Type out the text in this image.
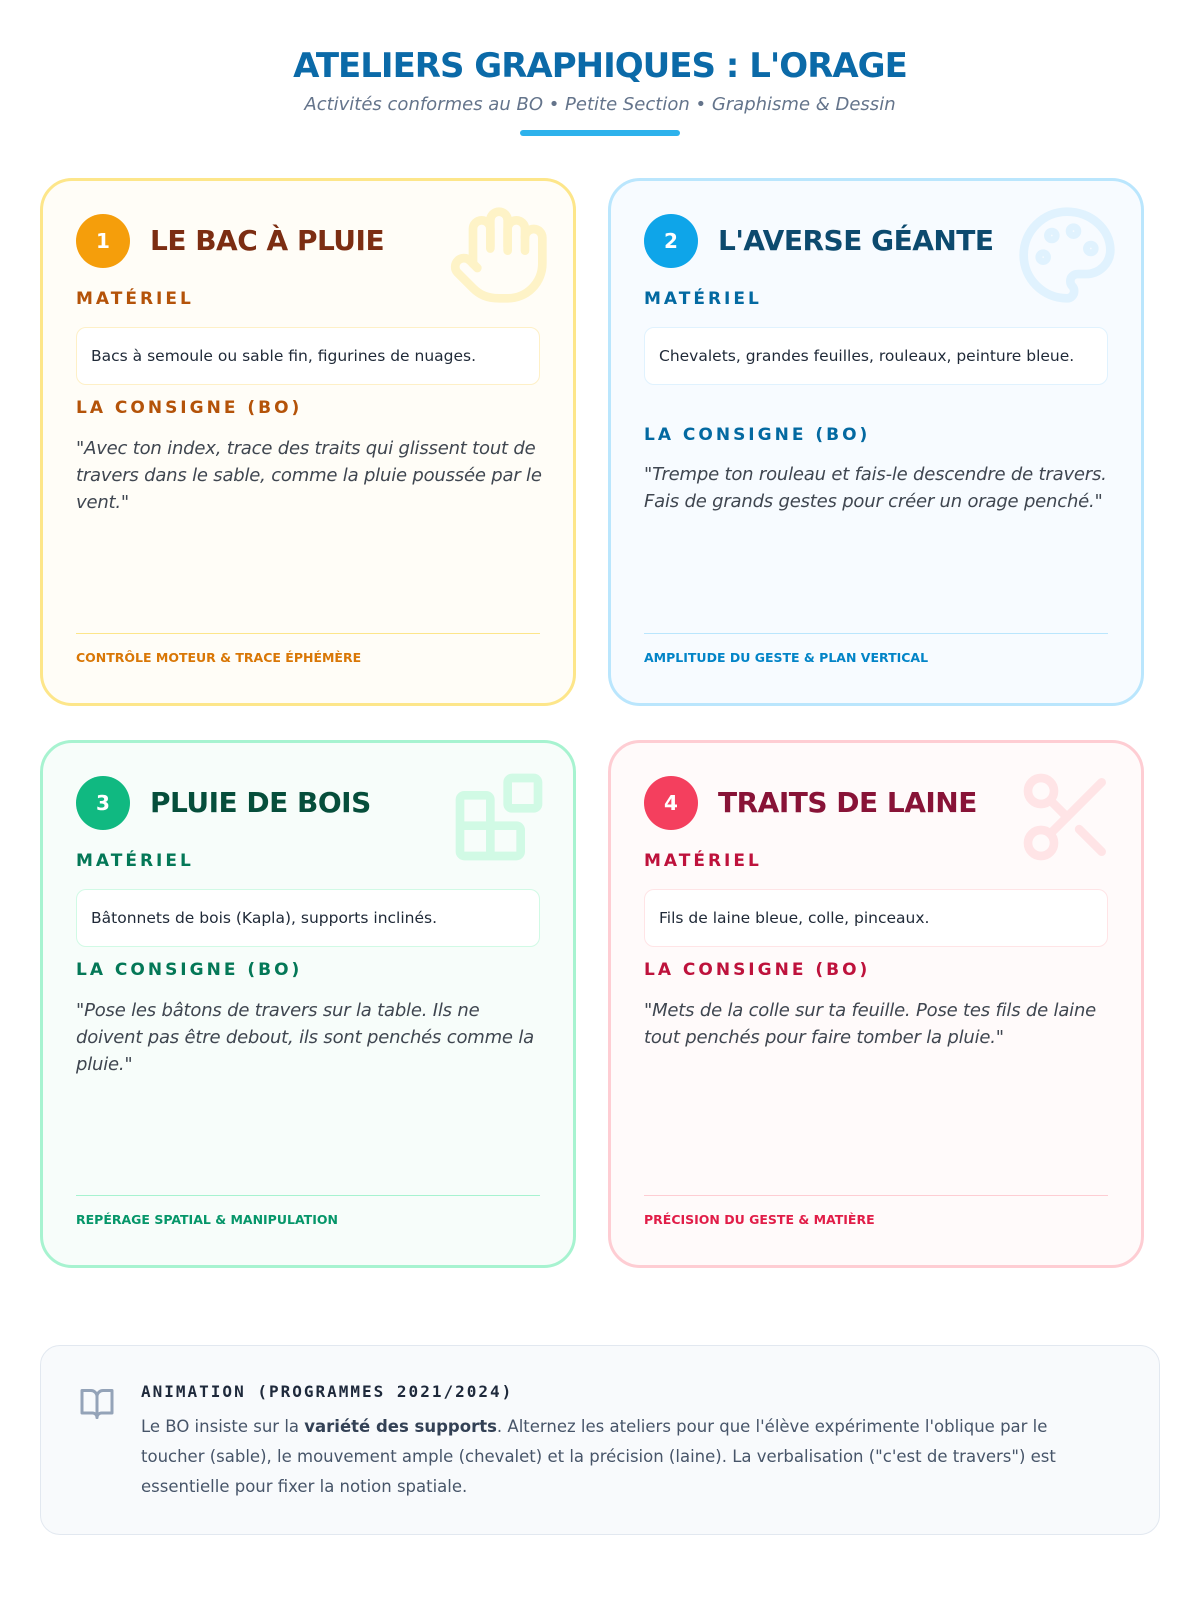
ATELIERS GRAPHIQUES : L'ORAGE
Activités conformes au BO • Petite Section • Graphisme & Dessin
1	LE BAC À PLUIE
MATÉRIEL
Bacs à semoule ou sable fin, figurines de nuages.
LA CONSIGNE (BO)

"Avec ton index, trace des traits qui glissent tout de travers dans le sable, comme la pluie poussée par le vent."

CONTRÔLE MOTEUR & TRACE ÉPHÉMÈRE
2	L'AVERSE GÉANTE
MATÉRIEL
Chevalets, grandes feuilles, rouleaux, peinture bleue.
LA CONSIGNE (BO)

"Trempe ton rouleau et fais-le descendre de travers. Fais de grands gestes pour créer un orage penché."

AMPLITUDE DU GESTE & PLAN VERTICAL
3	PLUIE DE BOIS
MATÉRIEL
Bâtonnets de bois (Kapla), supports inclinés.
LA CONSIGNE (BO)

"Pose les bâtons de travers sur la table. Ils ne doivent pas être debout, ils sont penchés comme la pluie."

REPÉRAGE SPATIAL & MANIPULATION
4	TRAITS DE LAINE
MATÉRIEL
Fils de laine bleue, colle, pinceaux.
LA CONSIGNE (BO)

"Mets de la colle sur ta feuille. Pose tes fils de laine tout penchés pour faire tomber la pluie."

PRÉCISION DU GESTE & MATIÈRE
ANIMATION (PROGRAMMES 2021/2024)

Le BO insiste sur la variété des supports. Alternez les ateliers pour que l'élève expérimente l'oblique par le toucher (sable), le mouvement ample (chevalet) et la précision (laine). La verbalisation ("c'est de travers") est essentielle pour fixer la notion spatiale.
